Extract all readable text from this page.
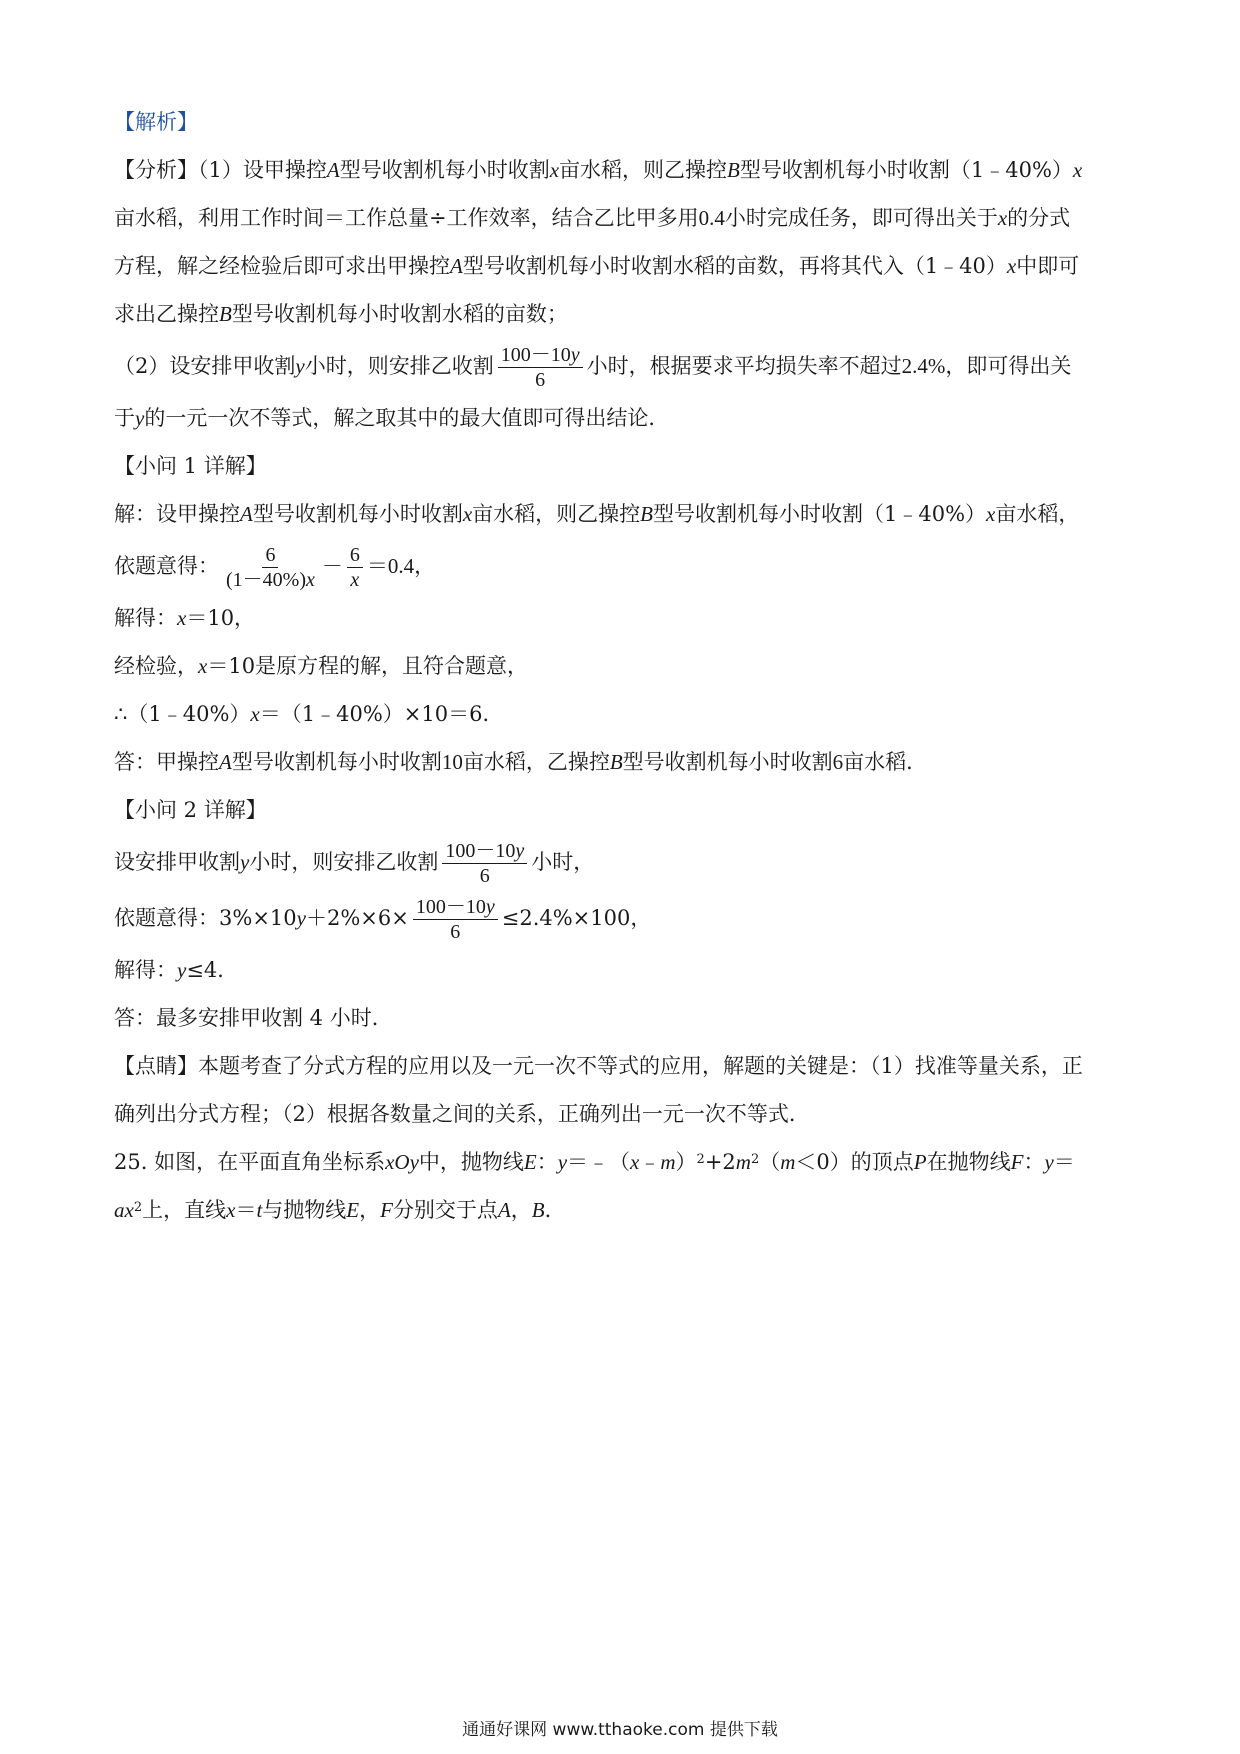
【解析】
【分析】（1）设甲操控A型号收割机每小时收割x亩水稻，则乙操控B型号收割机每小时收割（1﹣40%）x
亩水稻，利用工作时间＝工作总量÷工作效率，结合乙比甲多用0.4小时完成任务，即可得出关于x的分式
方程，解之经检验后即可求出甲操控A型号收割机每小时收割水稻的亩数，再将其代入（1﹣40）x中即可
求出乙操控B型号收割机每小时收割水稻的亩数；
（2）设安排甲收割y小时，则安排乙收割 $\frac{100-10y}{6}$ 小时，根据要求平均损失率不超过2.4%，即可得出关
于y的一元一次不等式，解之取其中的最大值即可得出结论．
【小问 1 详解】
解：设甲操控A型号收割机每小时收割x亩水稻，则乙操控B型号收割机每小时收割（1﹣40%）x亩水稻，
依题意得： $\frac{6}{(1-40\%)x} - \frac{6}{x} =0.4$，
解得：x＝10，
经检验，x＝10是原方程的解，且符合题意，
∴（1﹣40%）x＝（1﹣40%）×10＝6．
答：甲操控A型号收割机每小时收割10亩水稻，乙操控B型号收割机每小时收割6亩水稻．
【小问 2 详解】
设安排甲收割y小时，则安排乙收割 $\frac{100-10y}{6}$ 小时，
依题意得：$3\%\times 10y+2\%\times 6\times \frac{100-10y}{6} \le 2.4\%\times 100$，
解得：y≤4．
答：最多安排甲收割 4 小时．
【点睛】本题考查了分式方程的应用以及一元一次不等式的应用，解题的关键是：（1）找准等量关系，正
确列出分式方程；（2）根据各数量之间的关系，正确列出一元一次不等式．
25. 如图，在平面直角坐标系xOy中，抛物线E：$y=﹣(x﹣m)^2+2m^2(m<0)$的顶点P在抛物线F：y＝
$ax^2$上，直线x＝t与抛物线E，F分别交于点A，B．
通通好课网 www.tthaoke.com 提供下载
